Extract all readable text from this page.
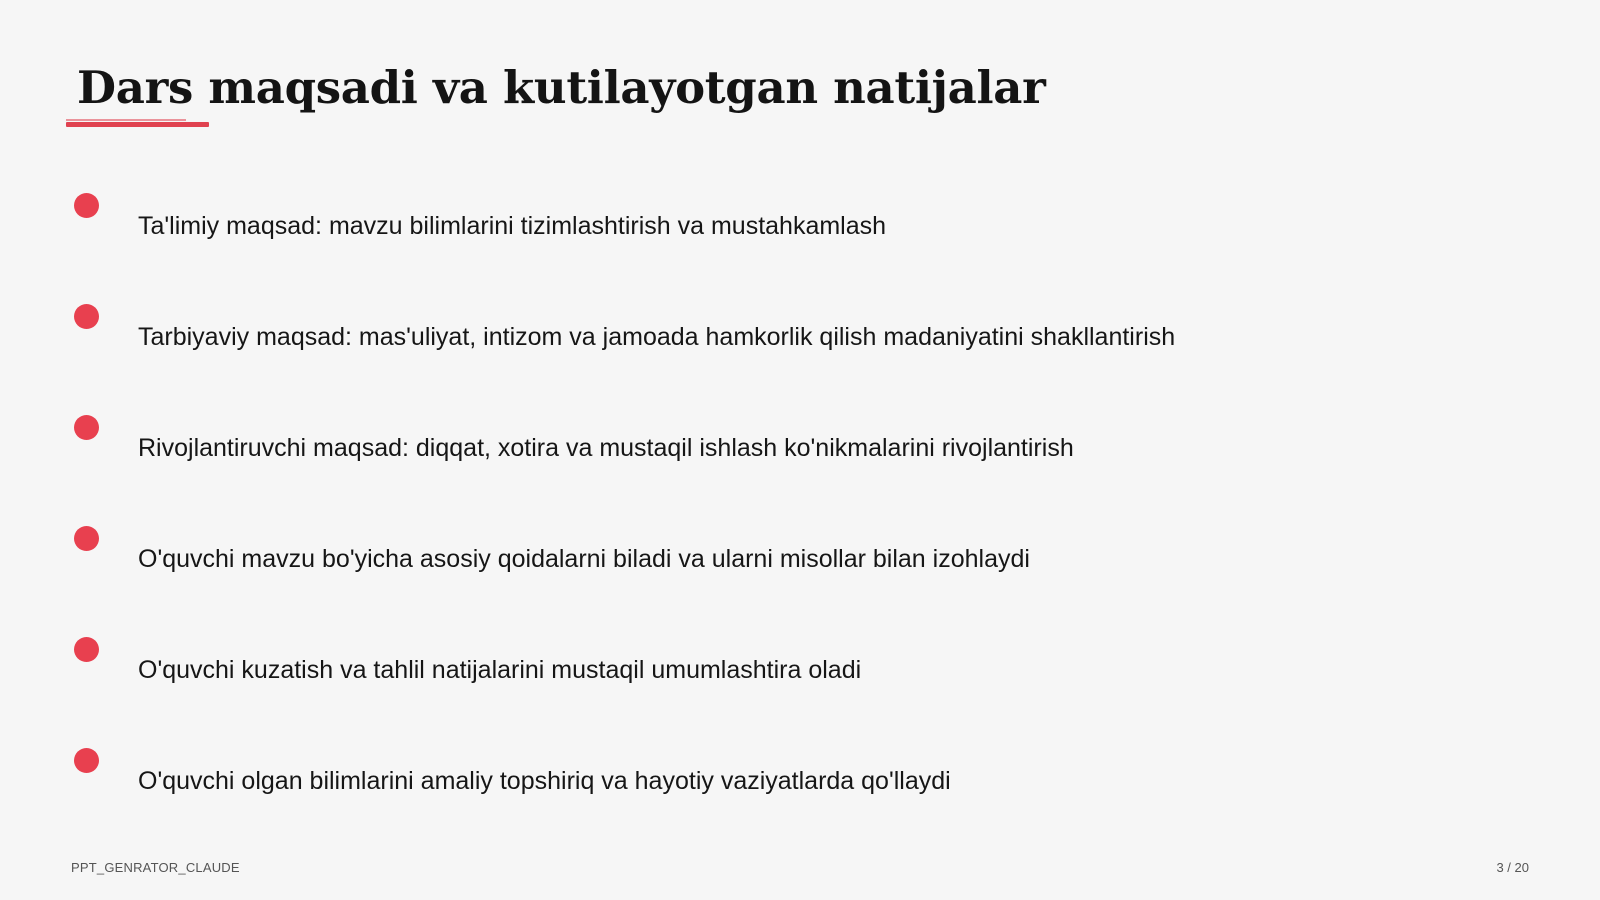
Dars maqsadi va kutilayotgan natijalar
Ta'limiy maqsad: mavzu bilimlarini tizimlashtirish va mustahkamlash
Tarbiyaviy maqsad: mas'uliyat, intizom va jamoada hamkorlik qilish madaniyatini shakllantirish
Rivojlantiruvchi maqsad: diqqat, xotira va mustaqil ishlash ko'nikmalarini rivojlantirish
O'quvchi mavzu bo'yicha asosiy qoidalarni biladi va ularni misollar bilan izohlaydi
O'quvchi kuzatish va tahlil natijalarini mustaqil umumlashtira oladi
O'quvchi olgan bilimlarini amaliy topshiriq va hayotiy vaziyatlarda qo'llaydi
PPT_GENRATOR_CLAUDE	3 / 20
